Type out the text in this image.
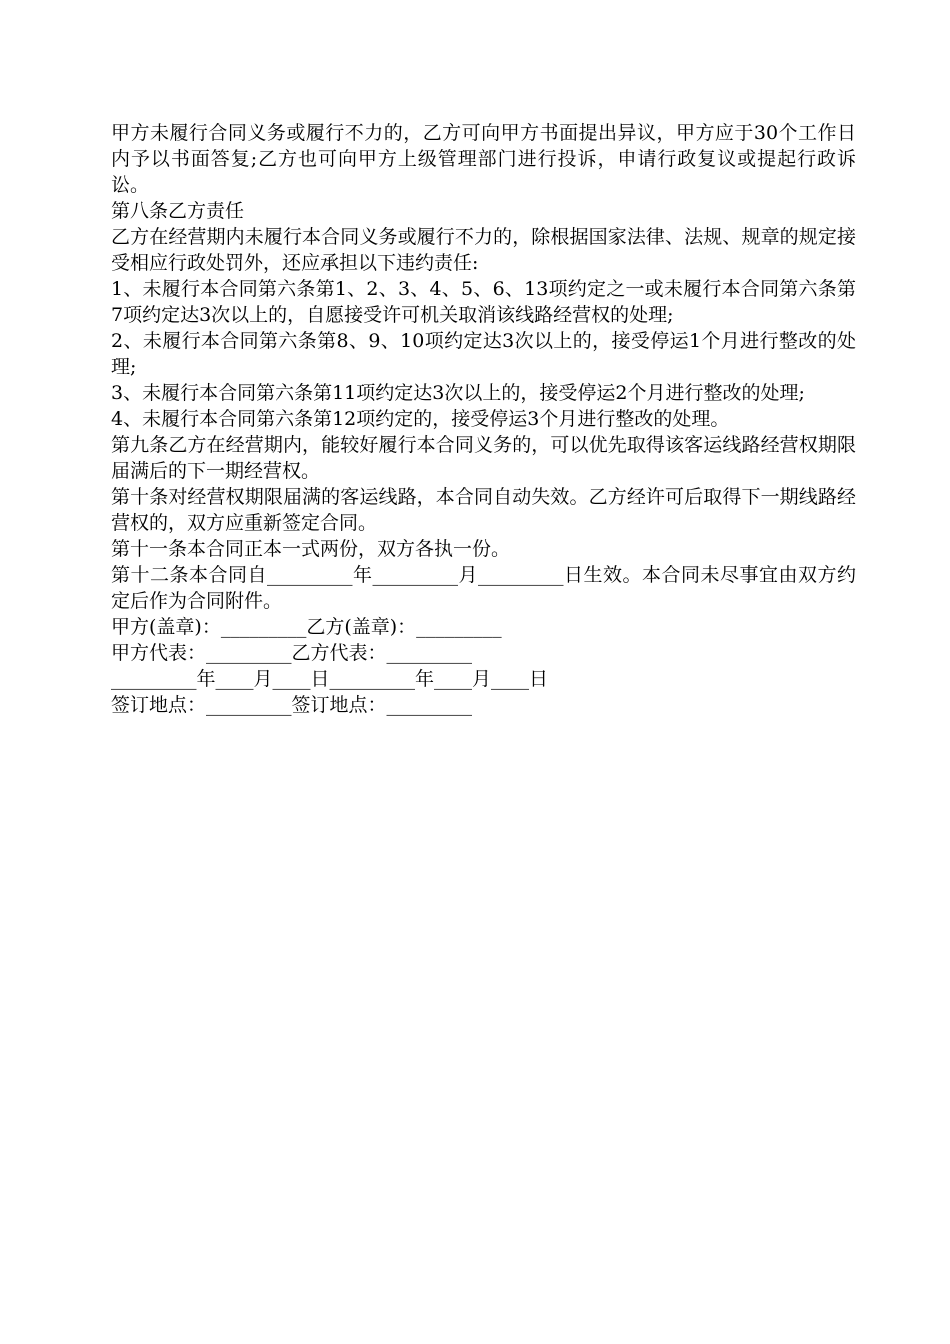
甲方未履行合同义务或履行不力的，乙方可向甲方书面提出异议，甲方应于30个工作日内予以书面答复;乙方也可向甲方上级管理部门进行投诉，申请行政复议或提起行政诉讼。

第八条乙方责任

乙方在经营期内未履行本合同义务或履行不力的，除根据国家法律、法规、规章的规定接受相应行政处罚外，还应承担以下违约责任:

1、未履行本合同第六条第1、2、3、4、5、6、13项约定之一或未履行本合同第六条第7项约定达3次以上的，自愿接受许可机关取消该线路经营权的处理;

2、未履行本合同第六条第8、9、10项约定达3次以上的，接受停运1个月进行整改的处理;

3、未履行本合同第六条第11项约定达3次以上的，接受停运2个月进行整改的处理;

4、未履行本合同第六条第12项约定的，接受停运3个月进行整改的处理。

第九条乙方在经营期内，能较好履行本合同义务的，可以优先取得该客运线路经营权期限届满后的下一期经营权。

第十条对经营权期限届满的客运线路，本合同自动失效。乙方经许可后取得下一期线路经营权的，双方应重新签定合同。

第十一条本合同正本一式两份，双方各执一份。

第十二条本合同自_________年_________月_________日生效。本合同未尽事宜由双方约定后作为合同附件。

甲方(盖章)：_________乙方(盖章)：_________

甲方代表：_________乙方代表：_________

_________年____月____日_________年____月____日

签订地点：_________签订地点：_________
